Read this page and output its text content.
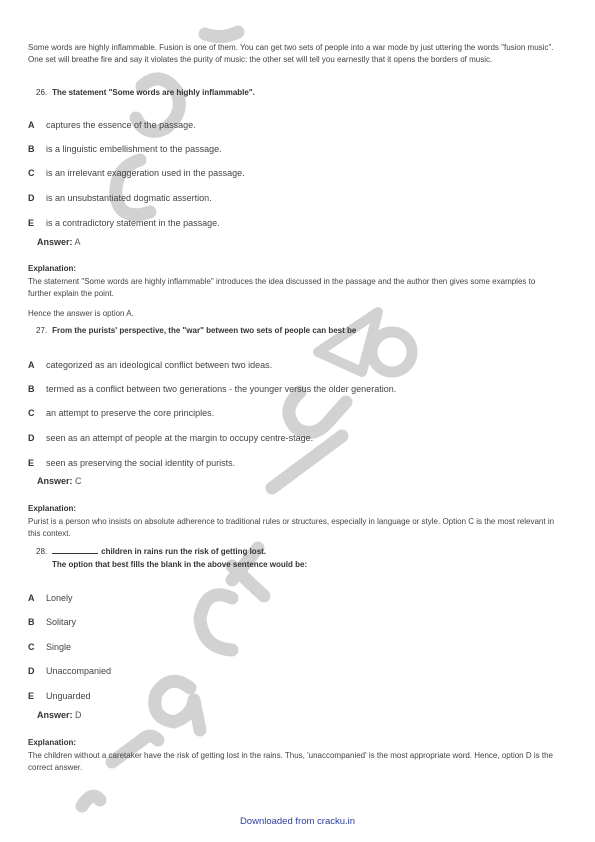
Some words are highly inflammable. Fusion is one of them. You can get two sets of people into a war mode by just uttering the words "fusion music". One set will breathe fire and say it violates the purity of music: the other set will tell you earnestly that it opens the borders of music.

26. The statement "Some words are highly inflammable".
A captures the essence of the passage.
B is a linguistic embellishment to the passage.
C is an irrelevant exaggeration used in the passage.
D is an unsubstantiated dogmatic assertion.
E is a contradictory statement in the passage.
Answer: A
Explanation:

The statement "Some words are highly inflammable" introduces the idea discussed in the passage and the author then gives some examples to further explain the point.

Hence the answer is option A.

27. From the purists' perspective, the "war" between two sets of people can best be
A categorized as an ideological conflict between two ideas.
B termed as a conflict between two generations - the younger versus the older generation.
C an attempt to preserve the core principles.
D seen as an attempt of people at the margin to occupy centre-stage.
E seen as preserving the social identity of purists.
Answer: C
Explanation:

Purist is a person who insists on absolute adherence to traditional rules or structures, especially in language or style. Option C is the most relevant in this context.

28.	children in rains run the risk of getting lost.
The option that best fills the blank in the above sentence would be:
A Lonely
B Solitary
C Single
D Unaccompanied
E Unguarded
Answer: D
Explanation:

The children without a caretaker have the risk of getting lost in the rains. Thus, 'unaccompanied' is the most appropriate word. Hence, option D is the correct answer.

Downloaded from cracku.in
